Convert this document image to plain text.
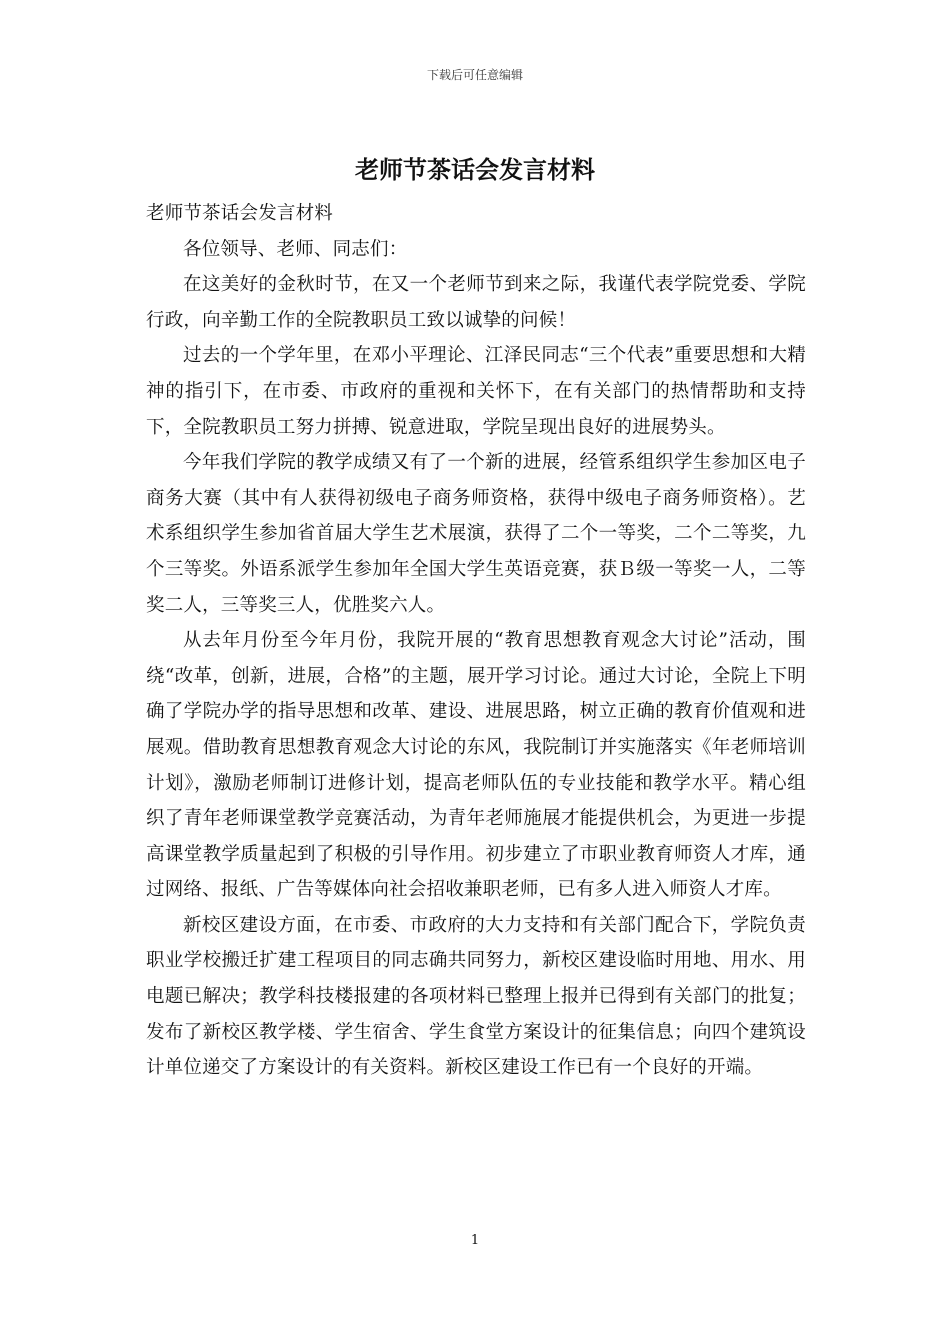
下载后可任意编辑
老师节茶话会发言材料

老师节茶话会发言材料

各位领导、老师、同志们：

在这美好的金秋时节，在又一个老师节到来之际，我谨代表学院党委、学院行政，向辛勤工作的全院教职员工致以诚挚的问候！

过去的一个学年里，在邓小平理论、江泽民同志“三个代表”重要思想和大精神的指引下，在市委、市政府的重视和关怀下，在有关部门的热情帮助和支持下，全院教职员工努力拼搏、锐意进取，学院呈现出良好的进展势头。

今年我们学院的教学成绩又有了一个新的进展，经管系组织学生参加区电子商务大赛（其中有人获得初级电子商务师资格，获得中级电子商务师资格）。艺术系组织学生参加省首届大学生艺术展演，获得了二个一等奖，二个二等奖，九个三等奖。外语系派学生参加年全国大学生英语竞赛，获Ｂ级一等奖一人，二等奖二人，三等奖三人，优胜奖六人。

从去年月份至今年月份，我院开展的“教育思想教育观念大讨论”活动，围绕“改革，创新，进展，合格”的主题，展开学习讨论。通过大讨论，全院上下明确了学院办学的指导思想和改革、建设、进展思路，树立正确的教育价值观和进展观。借助教育思想教育观念大讨论的东风，我院制订并实施落实《年老师培训计划》，激励老师制订进修计划，提高老师队伍的专业技能和教学水平。精心组织了青年老师课堂教学竞赛活动，为青年老师施展才能提供机会，为更进一步提高课堂教学质量起到了积极的引导作用。初步建立了市职业教育师资人才库，通过网络、报纸、广告等媒体向社会招收兼职老师，已有多人进入师资人才库。

新校区建设方面，在市委、市政府的大力支持和有关部门配合下，学院负责职业学校搬迁扩建工程项目的同志确共同努力，新校区建设临时用地、用水、用电题已解决；教学科技楼报建的各项材料已整理上报并已得到有关部门的批复；发布了新校区教学楼、学生宿舍、学生食堂方案设计的征集信息；向四个建筑设计单位递交了方案设计的有关资料。新校区建设工作已有一个良好的开端。

1
